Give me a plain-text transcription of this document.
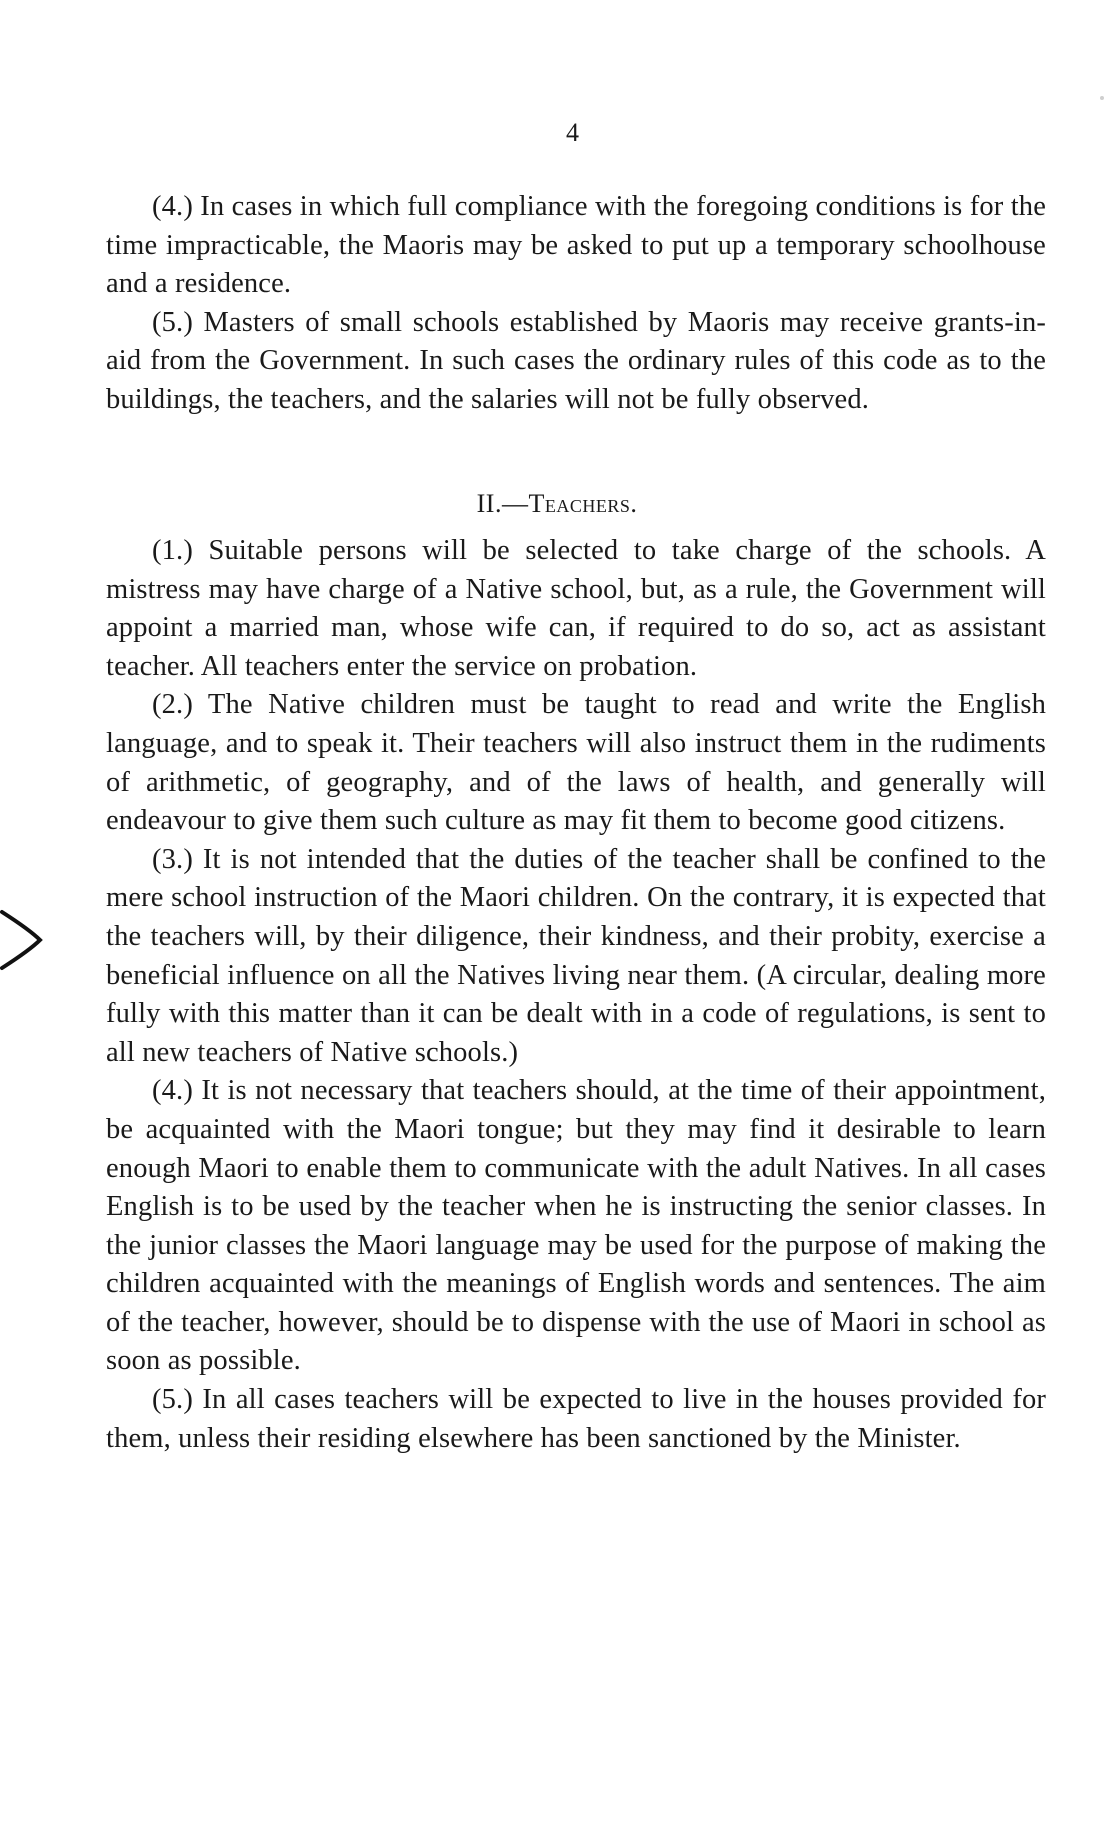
4

(4.) In cases in which full compliance with the foregoing conditions is for the time impracticable, the Maoris may be asked to put up a temporary schoolhouse and a residence.

(5.) Masters of small schools established by Maoris may receive grants-in-aid from the Government. In such cases the ordinary rules of this code as to the buildings, the teachers, and the salaries will not be fully observed.

II.—Teachers.

(1.) Suitable persons will be selected to take charge of the schools. A mistress may have charge of a Native school, but, as a rule, the Government will appoint a married man, whose wife can, if required to do so, act as assistant teacher. All teachers enter the service on probation.

(2.) The Native children must be taught to read and write the English language, and to speak it. Their teachers will also instruct them in the rudiments of arithmetic, of geography, and of the laws of health, and generally will endeavour to give them such culture as may fit them to become good citizens.

(3.) It is not intended that the duties of the teacher shall be confined to the mere school instruction of the Maori children. On the contrary, it is expected that the teachers will, by their diligence, their kindness, and their probity, exercise a beneficial influence on all the Natives living near them. (A circular, dealing more fully with this matter than it can be dealt with in a code of regulations, is sent to all new teachers of Native schools.)

(4.) It is not necessary that teachers should, at the time of their appointment, be acquainted with the Maori tongue; but they may find it desirable to learn enough Maori to enable them to communicate with the adult Natives. In all cases English is to be used by the teacher when he is instructing the senior classes. In the junior classes the Maori language may be used for the purpose of making the children acquainted with the meanings of English words and sentences. The aim of the teacher, however, should be to dispense with the use of Maori in school as soon as possible.

(5.) In all cases teachers will be expected to live in the houses provided for them, unless their residing elsewhere has been sanctioned by the Minister.
